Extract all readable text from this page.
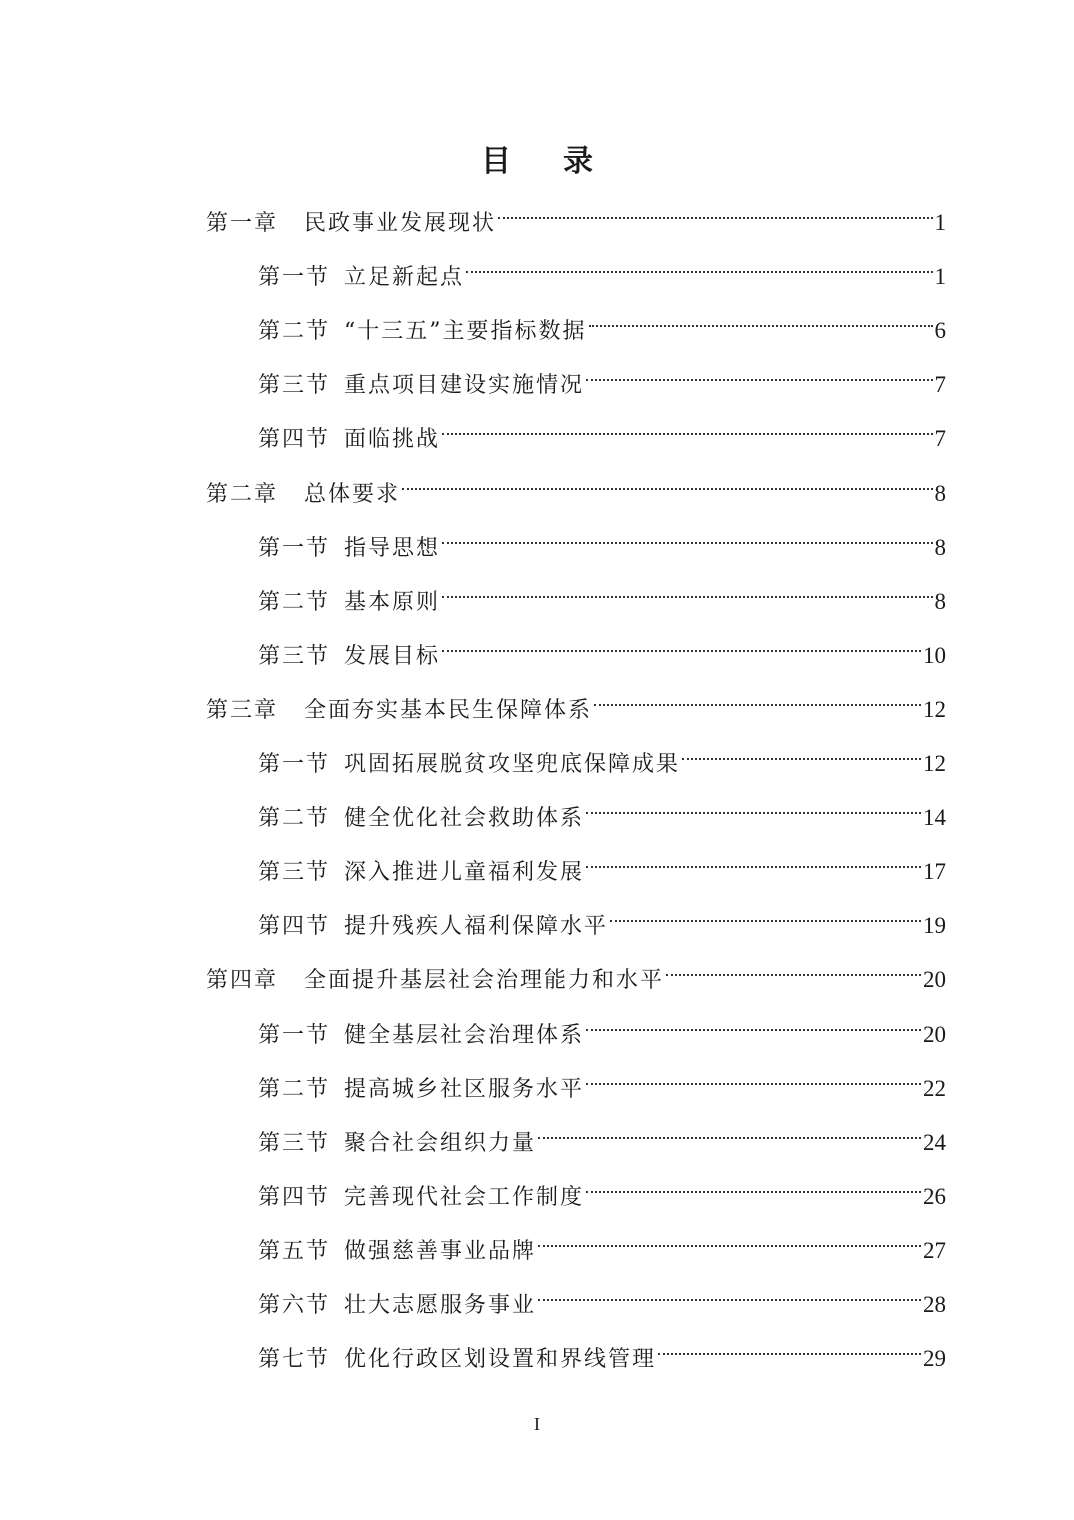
目 录
第一章 民政事业发展现状	1
第一节 立足新起点	1
第二节 “十三五”主要指标数据	6
第三节 重点项目建设实施情况	7
第四节 面临挑战	7
第二章 总体要求	8
第一节 指导思想	8
第二节 基本原则	8
第三节 发展目标	10
第三章 全面夯实基本民生保障体系	12
第一节 巩固拓展脱贫攻坚兜底保障成果	12
第二节 健全优化社会救助体系	14
第三节 深入推进儿童福利发展	17
第四节 提升残疾人福利保障水平	19
第四章 全面提升基层社会治理能力和水平	20
第一节 健全基层社会治理体系	20
第二节 提高城乡社区服务水平	22
第三节 聚合社会组织力量	24
第四节 完善现代社会工作制度	26
第五节 做强慈善事业品牌	27
第六节 壮大志愿服务事业	28
第七节 优化行政区划设置和界线管理	29
I
